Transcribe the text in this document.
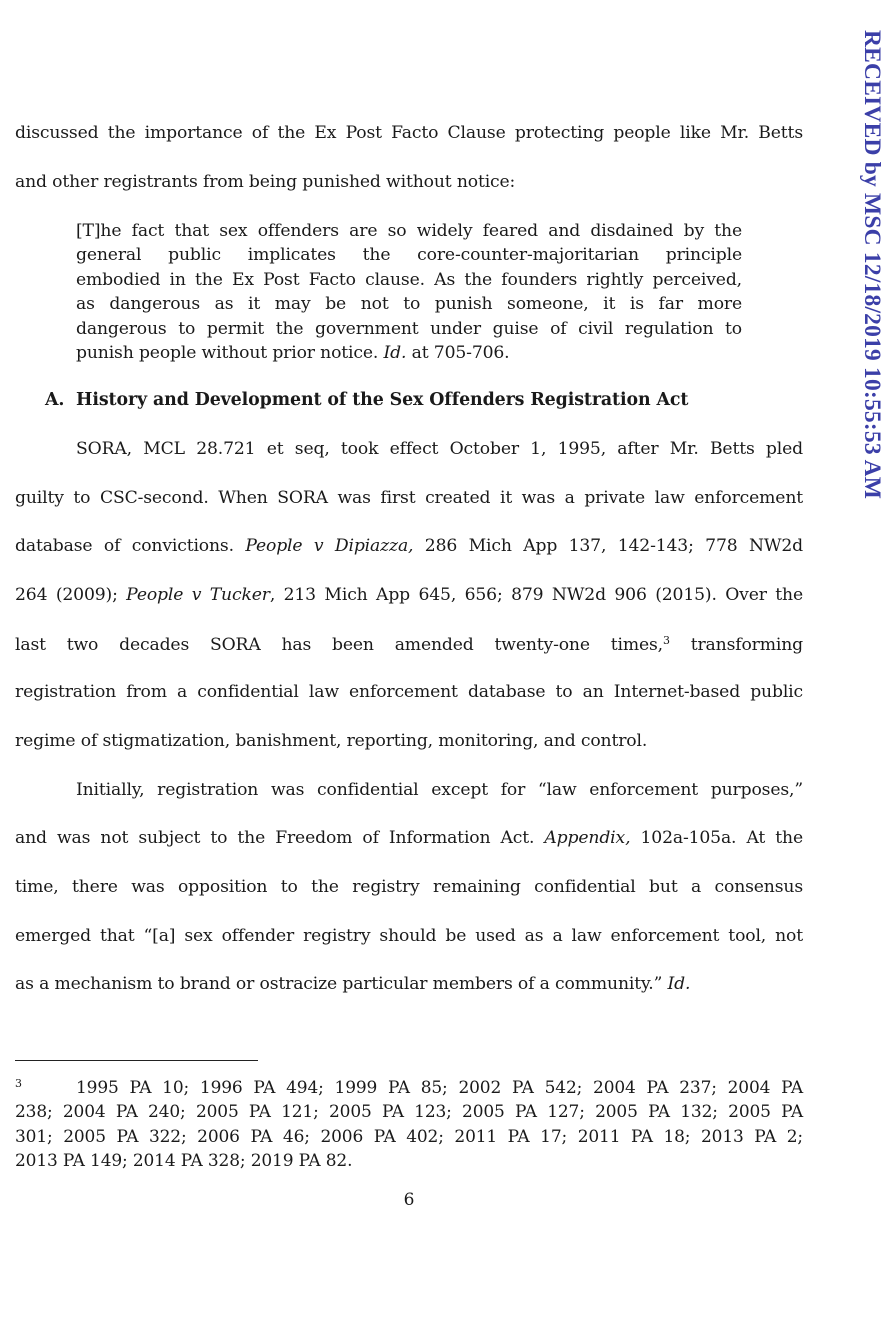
RECEIVED by MSC 12/18/2019 10:55:53 AM
discussed the importance of the Ex Post Facto Clause protecting people like Mr. Betts
and other registrants from being punished without notice:
[T]he fact that sex offenders are so widely feared and disdained by the
general public implicates the core-counter-majoritarian principle
embodied in the Ex Post Facto clause. As the founders rightly perceived,
as dangerous as it may be not to punish someone, it is far more
dangerous to permit the government under guise of civil regulation to
punish people without prior notice. Id. at 705-706.
A. History and Development of the Sex Offenders Registration Act
SORA, MCL 28.721 et seq, took effect October 1, 1995, after Mr. Betts pled
guilty to CSC-second. When SORA was first created it was a private law enforcement
database of convictions. People v Dipiazza, 286 Mich App 137, 142-143; 778 NW2d
264 (2009); People v Tucker, 213 Mich App 645, 656; 879 NW2d 906 (2015). Over the
last two decades SORA has been amended twenty-one times,$^3$ transforming
registration from a confidential law enforcement database to an Internet-based public
regime of stigmatization, banishment, reporting, monitoring, and control.
Initially, registration was confidential except for “law enforcement purposes,”
and was not subject to the Freedom of Information Act. Appendix, 102a-105a. At the
time, there was opposition to the registry remaining confidential but a consensus
emerged that “[a] sex offender registry should be used as a law enforcement tool, not
as a mechanism to brand or ostracize particular members of a community.” Id.
3	1995 PA 10; 1996 PA 494; 1999 PA 85; 2002 PA 542; 2004 PA 237; 2004 PA
238; 2004 PA 240; 2005 PA 121; 2005 PA 123; 2005 PA 127; 2005 PA 132; 2005 PA
301; 2005 PA 322; 2006 PA 46; 2006 PA 402; 2011 PA 17; 2011 PA 18; 2013 PA 2;
2013 PA 149; 2014 PA 328; 2019 PA 82.
6
